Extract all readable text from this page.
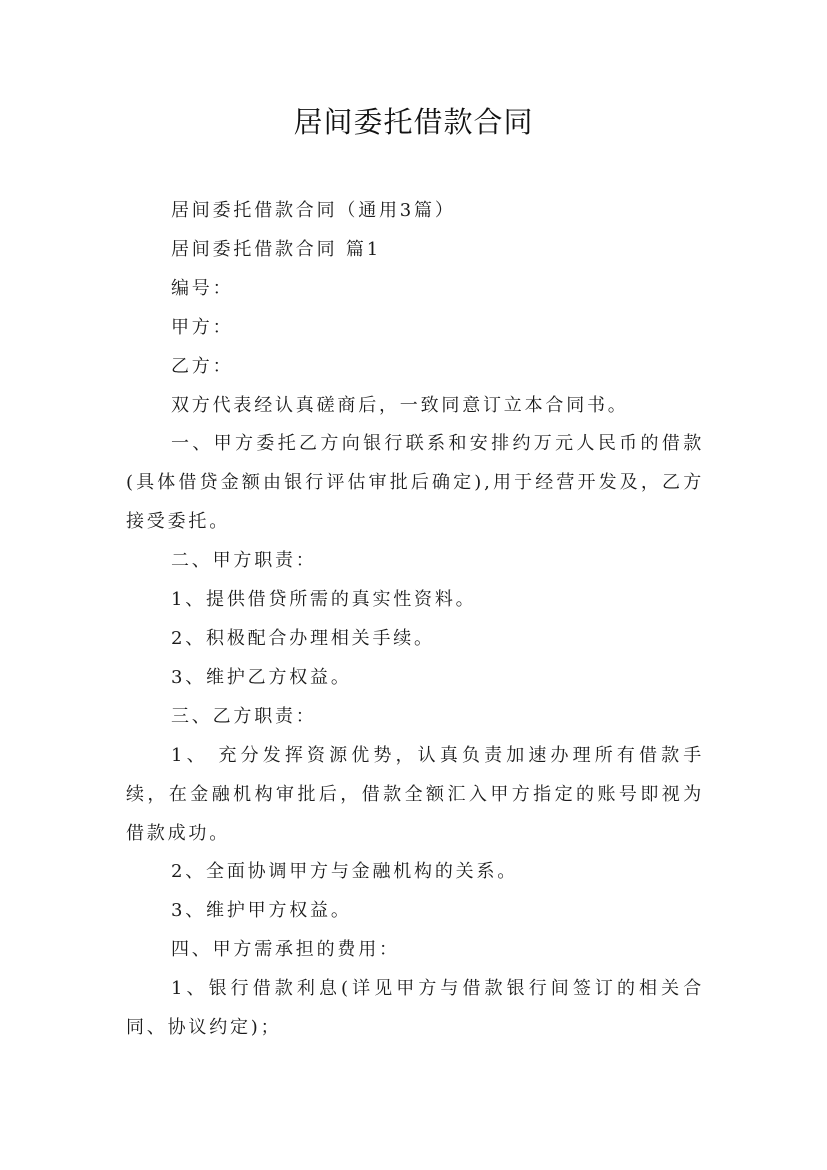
居间委托借款合同

居间委托借款合同（通用3篇）

居间委托借款合同 篇1

编号：

甲方：

乙方：

双方代表经认真磋商后，一致同意订立本合同书。

一、甲方委托乙方向银行联系和安排约万元人民币的借款(具体借贷金额由银行评估审批后确定),用于经营开发及，乙方接受委托。

二、甲方职责：

1、提供借贷所需的真实性资料。

2、积极配合办理相关手续。

3、维护乙方权益。

三、乙方职责：

1、 充分发挥资源优势，认真负责加速办理所有借款手续，在金融机构审批后，借款全额汇入甲方指定的账号即视为借款成功。

2、全面协调甲方与金融机构的关系。

3、维护甲方权益。

四、甲方需承担的费用：

1、银行借款利息(详见甲方与借款银行间签订的相关合同、协议约定)；
